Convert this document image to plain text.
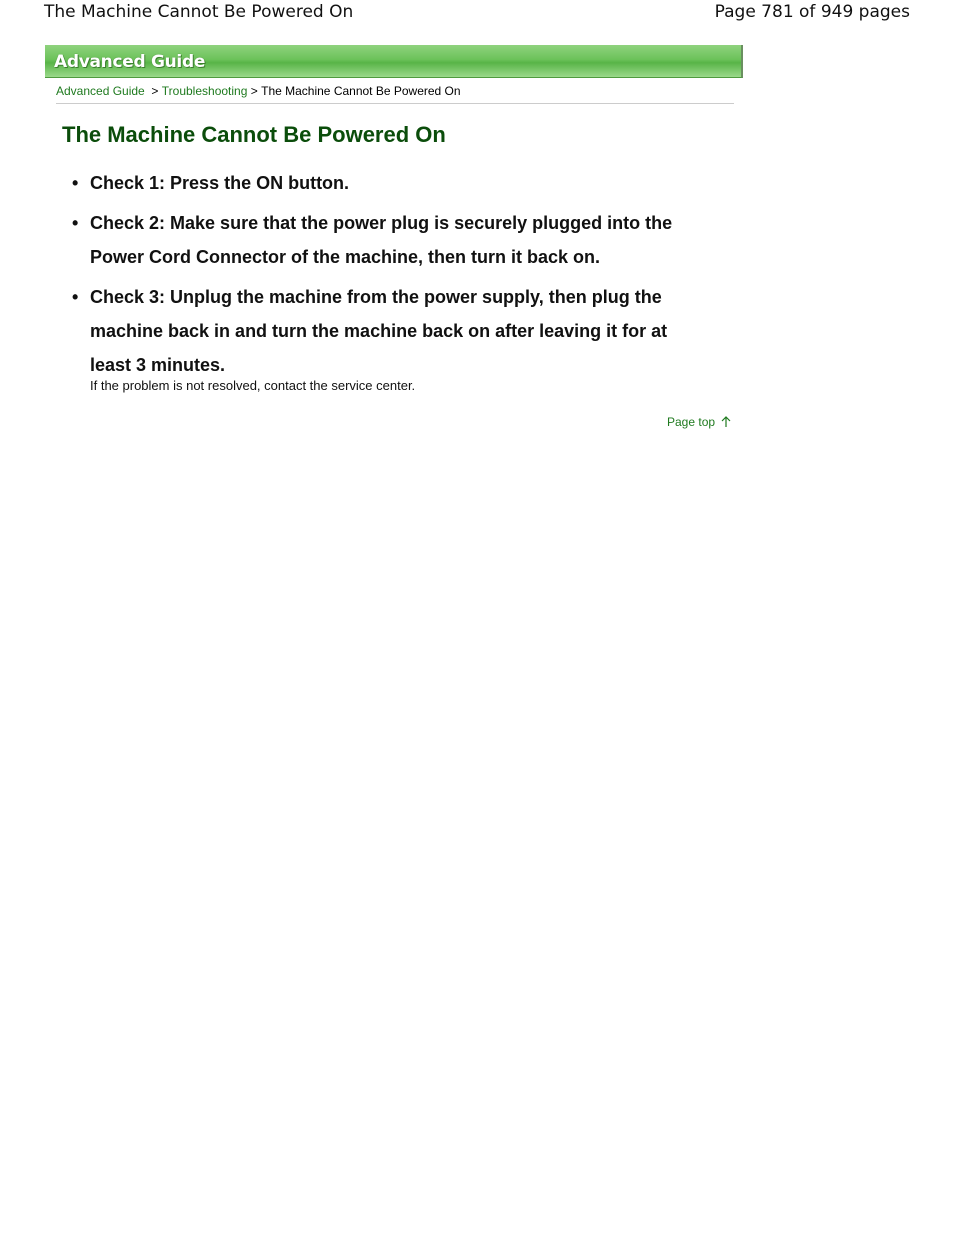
The Machine Cannot Be Powered On	Page 781 of 949 pages
Advanced Guide
Advanced Guide > Troubleshooting > The Machine Cannot Be Powered On
The Machine Cannot Be Powered On
• Check 1: Press the ON button.
• Check 2: Make sure that the power plug is securely plugged into the Power Cord Connector of the machine, then turn it back on.
• Check 3: Unplug the machine from the power supply, then plug the machine back in and turn the machine back on after leaving it for at least 3 minutes.
If the problem is not resolved, contact the service center.
Page top
